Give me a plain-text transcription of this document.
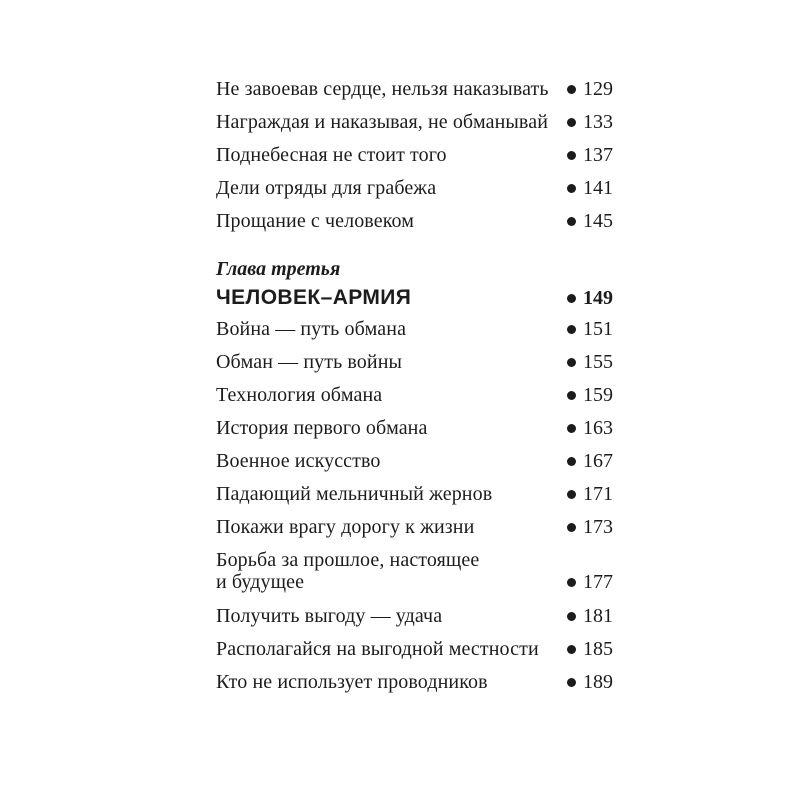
Не завоевав сердце, нельзя наказывать 129
Награждая и наказывая, не обманывай 133
Поднебесная не стоит того	137
Дели отряды для грабежа	141
Прощание с человеком	145
Глава третья
ЧЕЛОВЕК–АРМИЯ	149
Война — путь обмана	151
Обман — путь войны	155
Технология обмана	159
История первого обмана	163
Военное искусство	167
Падающий мельничный жернов	171
Покажи врагу дорогу к жизни	173
Борьба за прошлое, настоящее
и будущее	177
Получить выгоду — удача	181
Располагайся на выгодной местности 185
Кто не использует проводников	189
